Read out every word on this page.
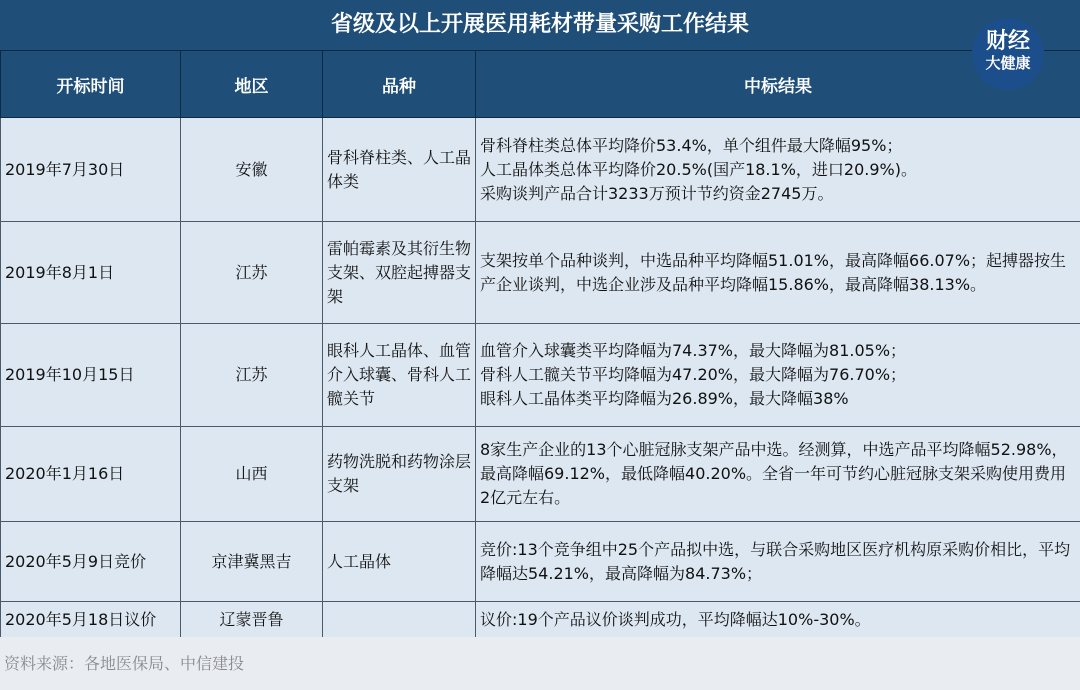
省级及以上开展医用耗材带量采购工作结果
开标时间	地区	品种	中标结果
2019年7月30日	安徽	骨科脊柱类、人工晶体类	骨科脊柱类总体平均降价53.4%，单个组件最大降幅95%；
人工晶体类总体平均降价20.5%(国产18.1%，进口20.9%)。
采购谈判产品合计3233万预计节约资金2745万。
2019年8月1日	江苏	雷帕霉素及其衍生物支架、双腔起搏器支架	支架按单个品种谈判，中选品种平均降幅51.01%，最高降幅66.07%；起搏器按生产企业谈判，中选企业涉及品种平均降幅15.86%，最高降幅38.13%。
2019年10月15日	江苏	眼科人工晶体、血管介入球囊、骨科人工髋关节	血管介入球囊类平均降幅为74.37%，最大降幅为81.05%；
骨科人工髋关节平均降幅为47.20%，最大降幅为76.70%；
眼科人工晶体类平均降幅为26.89%，最大降幅38%
2020年1月16日	山西	药物洗脱和药物涂层支架	8家生产企业的13个心脏冠脉支架产品中选。经测算，中选产品平均降幅52.98%，最高降幅69.12%，最低降幅40.20%。全省一年可节约心脏冠脉支架采购使用费用2亿元左右。
2020年5月9日竞价	京津冀黑吉	人工晶体	竞价:13个竞争组中25个产品拟中选，与联合采购地区医疗机构原采购价相比，平均降幅达54.21%，最高降幅为84.73%；
2020年5月18日议价	辽蒙晋鲁		议价:19个产品议价谈判成功，平均降幅达10%-30%。
财经
大健康
资料来源：各地医保局、中信建投
